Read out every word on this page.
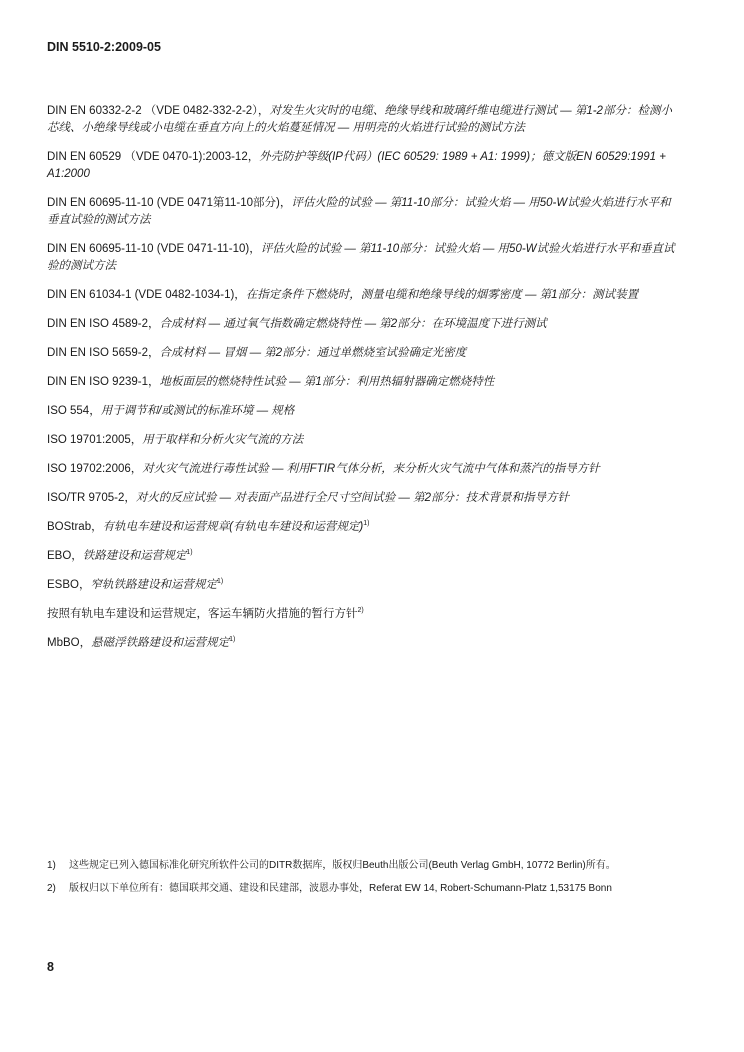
DIN 5510-2:2009-05
DIN EN 60332-2-2 （VDE 0482-332-2-2），对发生火灾时的电缆、绝缘导线和玻璃纤维电缆进行测试 — 第1-2部分：检测小芯线、小绝缘导线或小电缆在垂直方向上的火焰蔓延情况 — 用明亮的火焰进行试验的测试方法
DIN EN 60529 （VDE 0470-1):2003-12，外壳防护等级(IP代码）(IEC 60529: 1989 + A1: 1999)；德文版EN 60529:1991 + A1:2000
DIN EN 60695-11-10 (VDE 0471第11-10部分)，评估火险的试验 — 第11-10部分：试验火焰 — 用50-W试验火焰进行水平和垂直试验的测试方法
DIN EN 60695-11-10 (VDE 0471-11-10)，评估火险的试验 — 第11-10部分：试验火焰 — 用50-W试验火焰进行水平和垂直试验的测试方法
DIN EN 61034-1 (VDE 0482-1034-1)，在指定条件下燃烧时，测量电缆和绝缘导线的烟雾密度 — 第1部分：测试装置
DIN EN ISO 4589-2，合成材料 — 通过氧气指数确定燃烧特性 — 第2部分：在环境温度下进行测试
DIN EN ISO 5659-2，合成材料 — 冒烟 — 第2部分：通过单燃烧室试验确定光密度
DIN EN ISO 9239-1，地板面层的燃烧特性试验 — 第1部分：利用热辐射器确定燃烧特性
ISO 554，用于调节和/或测试的标准环境 — 规格
ISO 19701:2005，用于取样和分析火灾气流的方法
ISO 19702:2006，对火灾气流进行毒性试验 — 利用FTIR气体分析，来分析火灾气流中气体和蒸汽的指导方针
ISO/TR 9705-2，对火的反应试验 — 对表面产品进行全尺寸空间试验 — 第2部分：技术背景和指导方针
BOStrab，有轨电车建设和运营规章(有轨电车建设和运营规定)$^{1)}$
EBO，铁路建设和运营规定$^{1)}$
ESBO，窄轨铁路建设和运营规定$^{1)}$
按照有轨电车建设和运营规定，客运车辆防火措施的暂行方针$^{2)}$
MbBO，悬磁浮铁路建设和运营规定$^{1)}$
1)	这些规定已列入德国标准化研究所软件公司的DITR数据库，版权归Beuth出版公司(Beuth Verlag GmbH, 10772 Berlin)所有。
2)	版权归以下单位所有：德国联邦交通、建设和民建部，波恩办事处，Referat EW 14, Robert-Schumann-Platz 1,53175 Bonn
8
